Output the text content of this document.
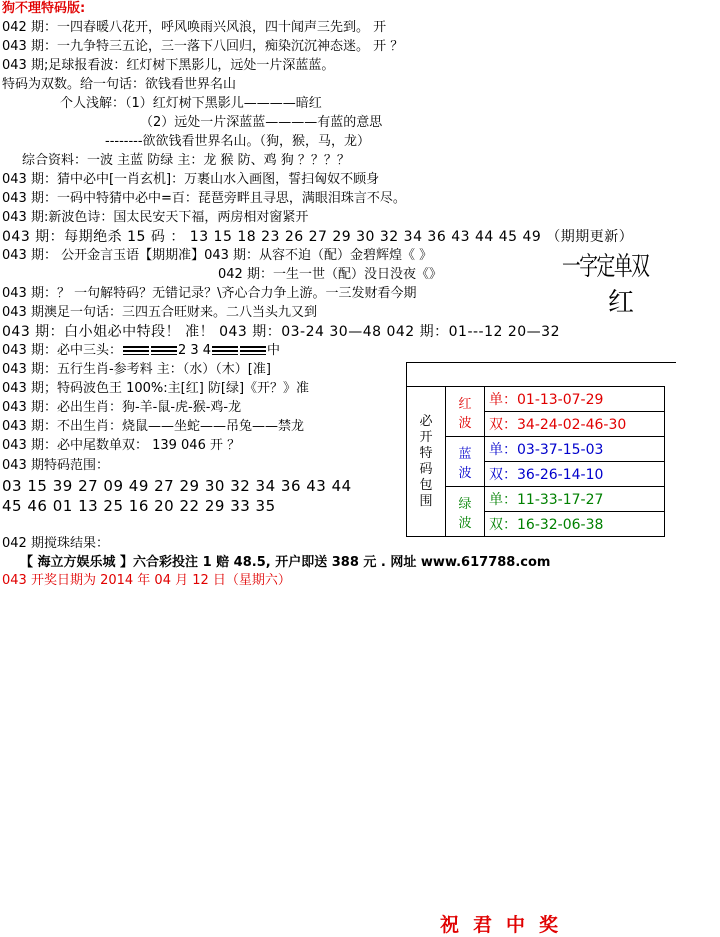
狗不理特码版:
042 期：一四春暖八花开，呼风唤雨兴风浪，四十闻声三先到。 开
043 期：一九争特三五论，三一落下八回归，痴染沉沉神态迷。 开 ？
043 期;足球报看波：红灯树下黑影儿，远处一片深蓝蓝。
特码为双数。给一句话：欲钱看世界名山
个人浅解：（1）红灯树下黑影儿————暗红
（2）远处一片深蓝蓝————有蓝的意思
--------欲欲钱看世界名山。（狗，猴，马，龙）
综合资料：一波 主蓝 防绿 主：龙 猴 防、鸡 狗 ？？？？
043 期：猜中必中[一肖玄机]：万裹山水入画图，誓扫匈奴不顾身
043 期：一码中特猜中必中=百：琵琶旁畔且寻思，满眼泪珠言不尽。
043 期:新波色诗：国太民安天下福，两房相对窗紧开
043 期：每期绝杀 15 码 ： 13 15 18 23 26 27 29 30 32 34 36 43 44 45 49 （期期更新）
043 期： 公开金言玉语【期期准】043 期：从容不迫（配）金碧辉煌《 》
042 期：一生一世（配）没日没夜《》
043 期：？ 一句解特码？无错记录？\齐心合力争上游。一三发财看今期
043 期澳足一句话：三四五合旺财来。二八当头九又到
043 期：白小姐必中特段！ 准！ 043 期：03-24 30—48 042 期：01---12 20—32
043 期：必中三头：	2 3 4	中
043 期：五行生肖-参考料 主：（水）（木）[准]
043 期；特码波色王 100%:主[红] 防[绿]《开？》准
043 期：必出生肖：狗-羊-鼠-虎-猴-鸡-龙
043 期：不出生肖：烧鼠——坐蛇——吊兔——禁龙
043 期：必中尾数单双： 139 046 开 ？
043 期特码范围：
03 15 39 27 09 49 27 29 30 32 34 36 43 44
45 46 01 13 25 16 20 22 29 33 35
042 期搅珠结果：
【 海立方娱乐城 】六合彩投注 1 赔 48.5, 开户即送 388 元 . 网址 www.617788.com
043 开奖日期为 2014 年 04 月 12 日（星期六）
一字定单双
红
必开特码包围	红波	单：01-13-07-29
		双：34-24-02-46-30

	蓝波	单：03-37-15-03
		双：36-26-14-10

	绿波	单：11-33-17-27
		双：16-32-06-38
祝君中奖
